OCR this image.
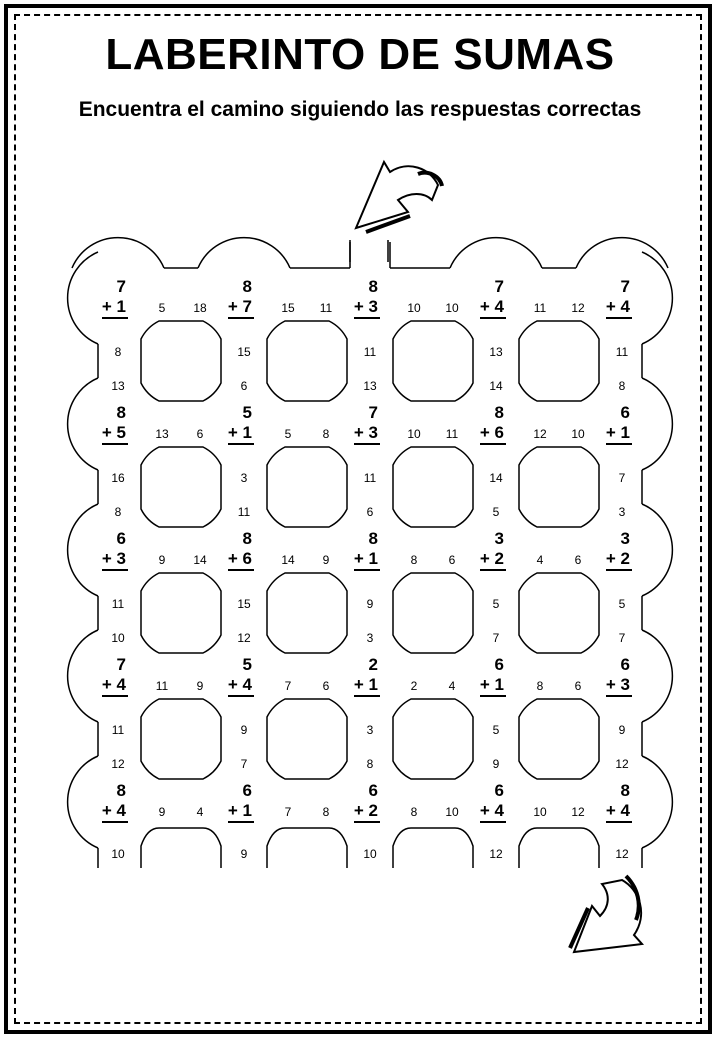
LABERINTO DE SUMAS
Encuentra el camino siguiendo las respuestas correctas
7
+ 1
8
+ 7
8
+ 3
7
+ 4
7
+ 4
8
+ 5
5
+ 1
7
+ 3
8
+ 6
6
+ 1
6
+ 3
8
+ 6
8
+ 1
3
+ 2
3
+ 2
7
+ 4
5
+ 4
2
+ 1
6
+ 1
6
+ 3
8
+ 4
6
+ 1
6
+ 2
6
+ 4
8
+ 4
5 18	15 11	10 10	11 12
13 6	5	8	10 11	12 10
9 14	14 9	8	6	4	6
11 9	7	6	2	4	8	6
9	4	7	8	8 10	10 12
8
13
15
6
11
13
13
14
11
8
16
8
3
11
11
6
14
5
7
3
11
10
15
12
9
3
5
7
5
7
11
12
9
7
3
8
5
9
9
12
10	9	10	12	12
